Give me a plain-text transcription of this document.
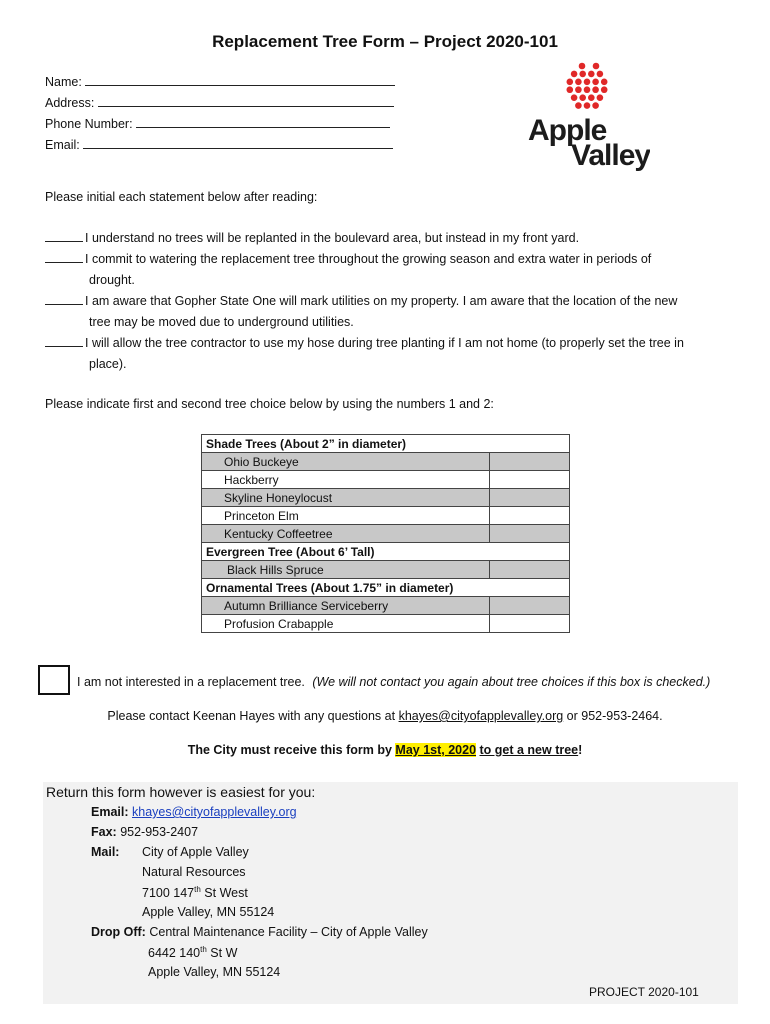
Replacement Tree Form – Project 2020-101
Name:
Address:
Phone Number:
Email:	Apple
Valley
Please initial each statement below after reading:
I understand no trees will be replanted in the boulevard area, but instead in my front yard.
I commit to watering the replacement tree throughout the growing season and extra water in periods of
drought.
I am aware that Gopher State One will mark utilities on my property. I am aware that the location of the new
tree may be moved due to underground utilities.
I will allow the tree contractor to use my hose during tree planting if I am not home (to properly set the tree in
place).
Please indicate first and second tree choice below by using the numbers 1 and 2:
Shade Trees (About 2” in diameter)	
Ohio Buckeye	
Hackberry	
Skyline Honeylocust	
Princeton Elm	
Kentucky Coffeetree	
Evergreen Tree (About 6’ Tall)	
Black Hills Spruce	
Ornamental Trees (About 1.75” in diameter)	
Autumn Brilliance Serviceberry	
Profusion Crabapple	
I am not interested in a replacement tree. (We will not contact you again about tree choices if this box is checked.)
Please contact Keenan Hayes with any questions at khayes@cityofapplevalley.org or 952-953-2464.
The City must receive this form by May 1st, 2020 to get a new tree!
Return this form however is easiest for you:
Email: khayes@cityofapplevalley.org
Fax: 952-953-2407
Mail: City of Apple Valley
Natural Resources
7100 147th St West
Apple Valley, MN 55124
Drop Off: Central Maintenance Facility – City of Apple Valley
6442 140th St W
Apple Valley, MN 55124
PROJECT 2020-101
